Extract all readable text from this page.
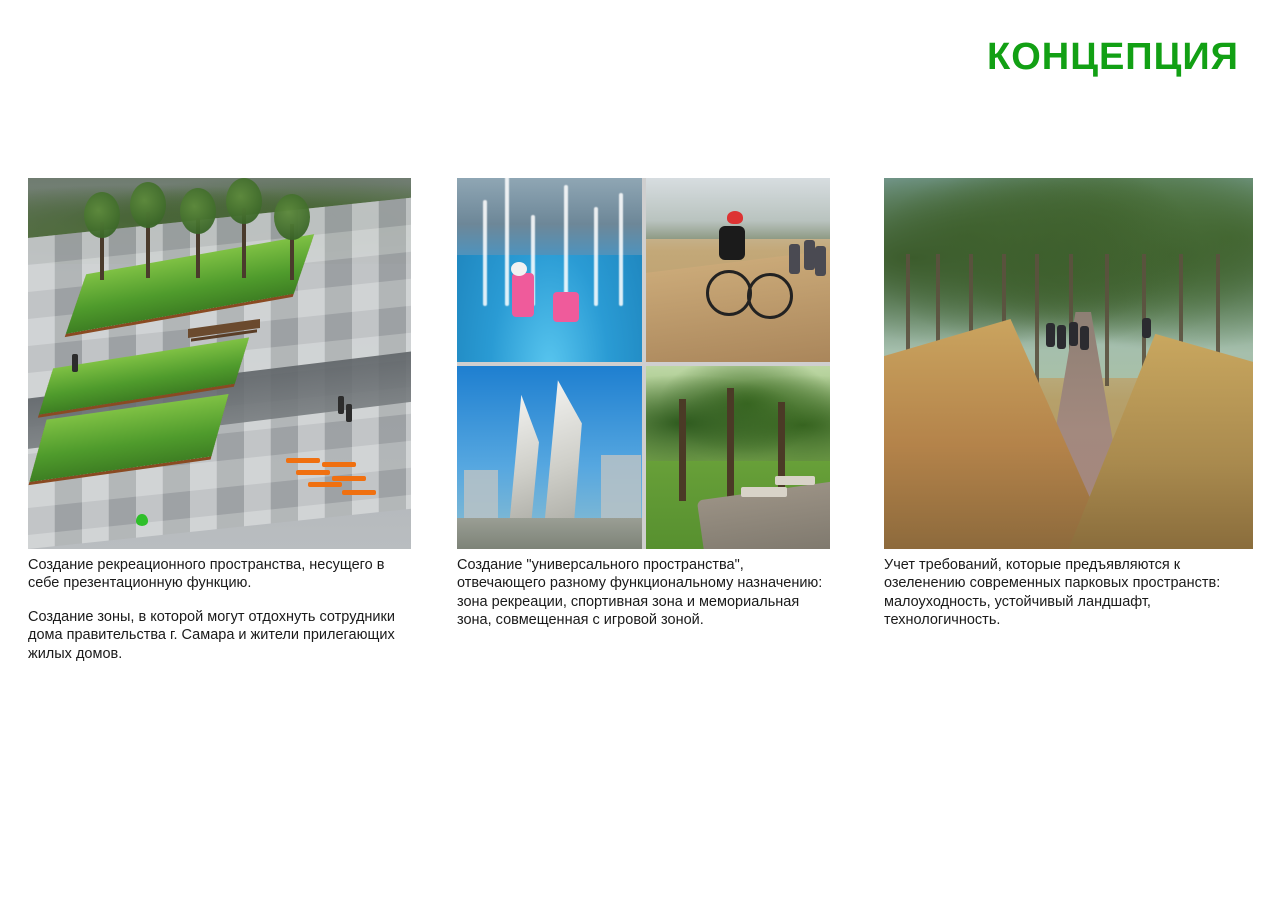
КОНЦЕПЦИЯ

Создание рекреационного пространства, несущего в себе презентационную функцию.

Создание зоны, в которой могут отдохнуть сотрудники дома правительства г. Самара и жители прилегающих жилых домов.

Создание "универсального пространства", отвечающего разному функциональному назначению: зона рекреации, спортивная зона и мемориальная зона, совмещенная с игровой зоной.

Учет требований, которые предъявляются к озеленению современных парковых пространств: малоуходность, устойчивый ландшафт, технологичность.
